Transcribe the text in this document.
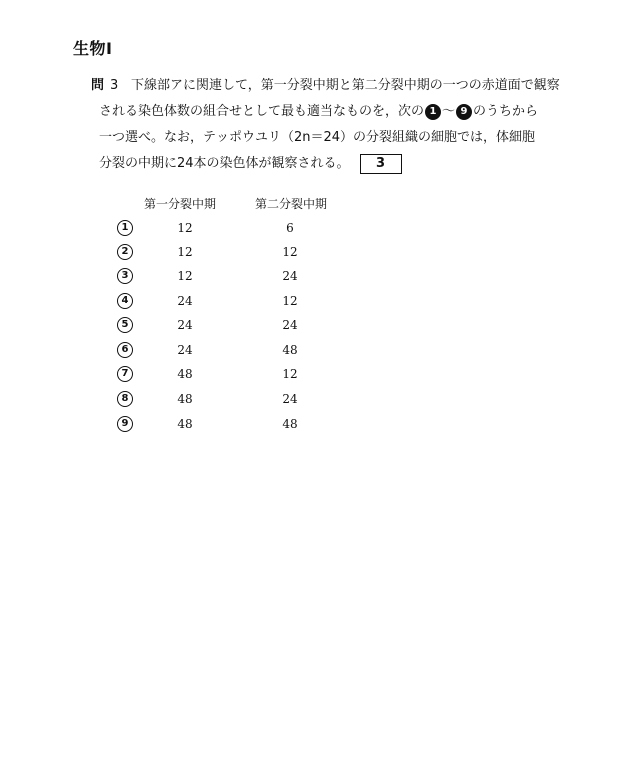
生物Ⅰ
問 3 下線部アに関連して，第一分裂中期と第二分裂中期の一つの赤道面で観察
される染色体数の組合せとして最も適当なものを，次の 1 〜 9 のうちから
一つ選べ。なお，テッポウユリ（2n＝24）の分裂組織の細胞では，体細胞
分裂の中期に24本の染色体が観察される。 3
第一分裂中期	第二分裂中期
1	12	6
2	12	12
3	12	24
4	24	12
5	24	24
6	24	48
7	48	12
8	48	24
9	48	48
